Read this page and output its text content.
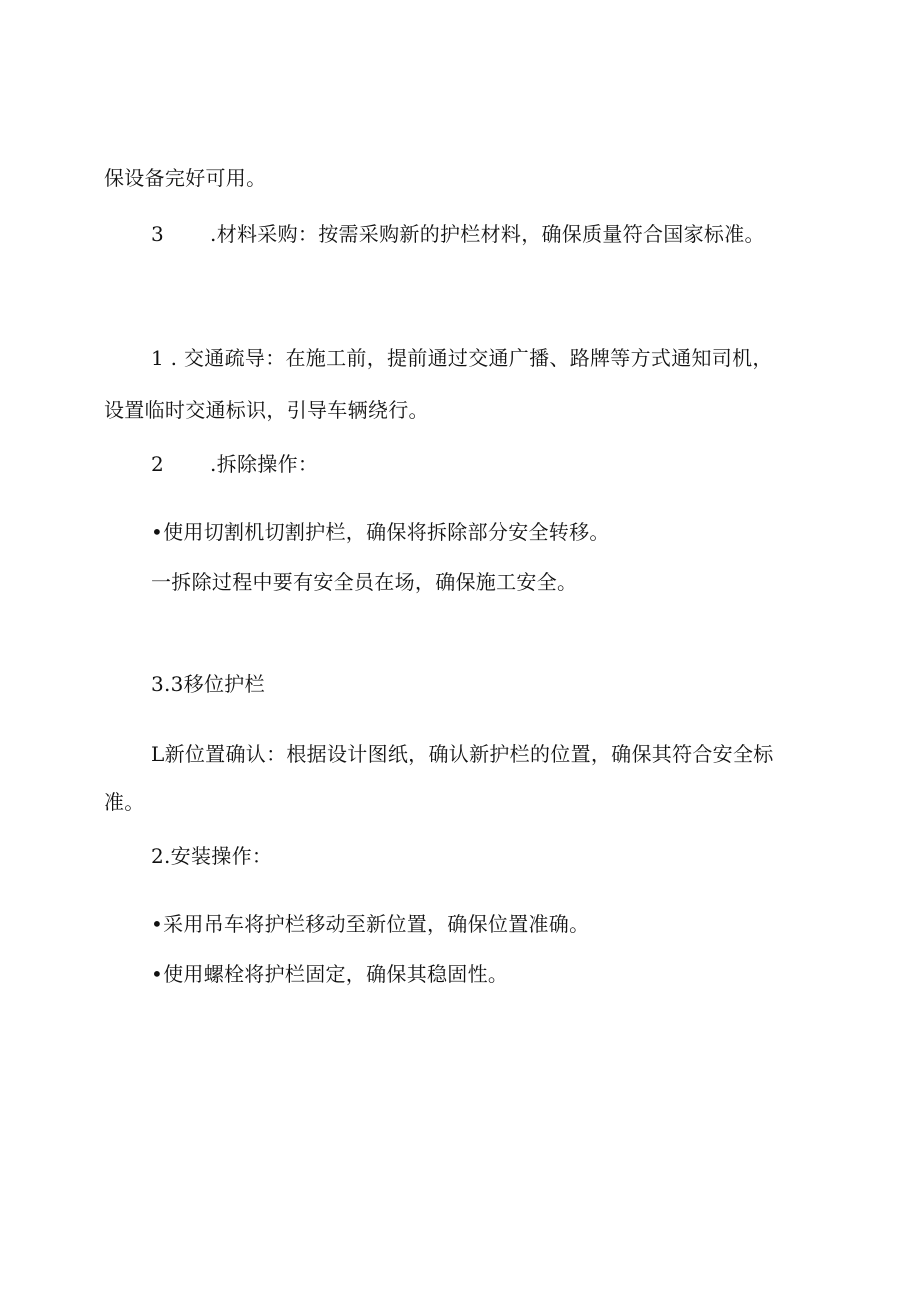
保设备完好可用。
3 .材料采购：按需采购新的护栏材料，确保质量符合国家标准。
1 . 交通疏导：在施工前，提前通过交通广播、路牌等方式通知司机，
设置临时交通标识，引导车辆绕行。
2 .拆除操作：
•使用切割机切割护栏，确保将拆除部分安全转移。
一拆除过程中要有安全员在场，确保施工安全。
3.3移位护栏
L新位置确认：根据设计图纸，确认新护栏的位置，确保其符合安全标
准。
2.安装操作：
•采用吊车将护栏移动至新位置，确保位置准确。
•使用螺栓将护栏固定，确保其稳固性。
